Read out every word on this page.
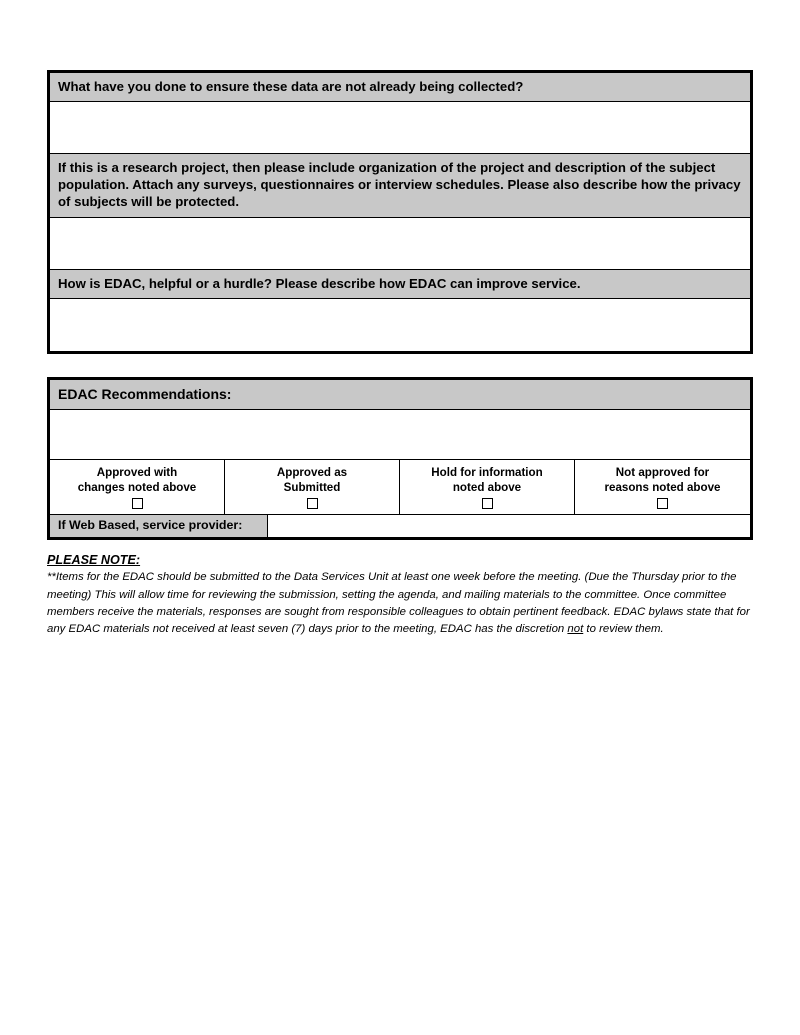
What have you done to ensure these data are not already being collected?
If this is a research project, then please include organization of the project and description of the subject population. Attach any surveys, questionnaires or interview schedules. Please also describe how the privacy of subjects will be protected.
How is EDAC, helpful or a hurdle? Please describe how EDAC can improve service.
EDAC Recommendations:
Approved with
changes noted above
Approved as
Submitted
Hold for information
noted above
Not approved for
reasons noted above
If Web Based, service provider:
PLEASE NOTE:
**Items for the EDAC should be submitted to the Data Services Unit at least one week before the meeting. (Due the Thursday prior to the meeting) This will allow time for reviewing the submission, setting the agenda, and mailing materials to the committee. Once committee members receive the materials, responses are sought from responsible colleagues to obtain pertinent feedback. EDAC bylaws state that for any EDAC materials not received at least seven (7) days prior to the meeting, EDAC has the discretion not to review them.
